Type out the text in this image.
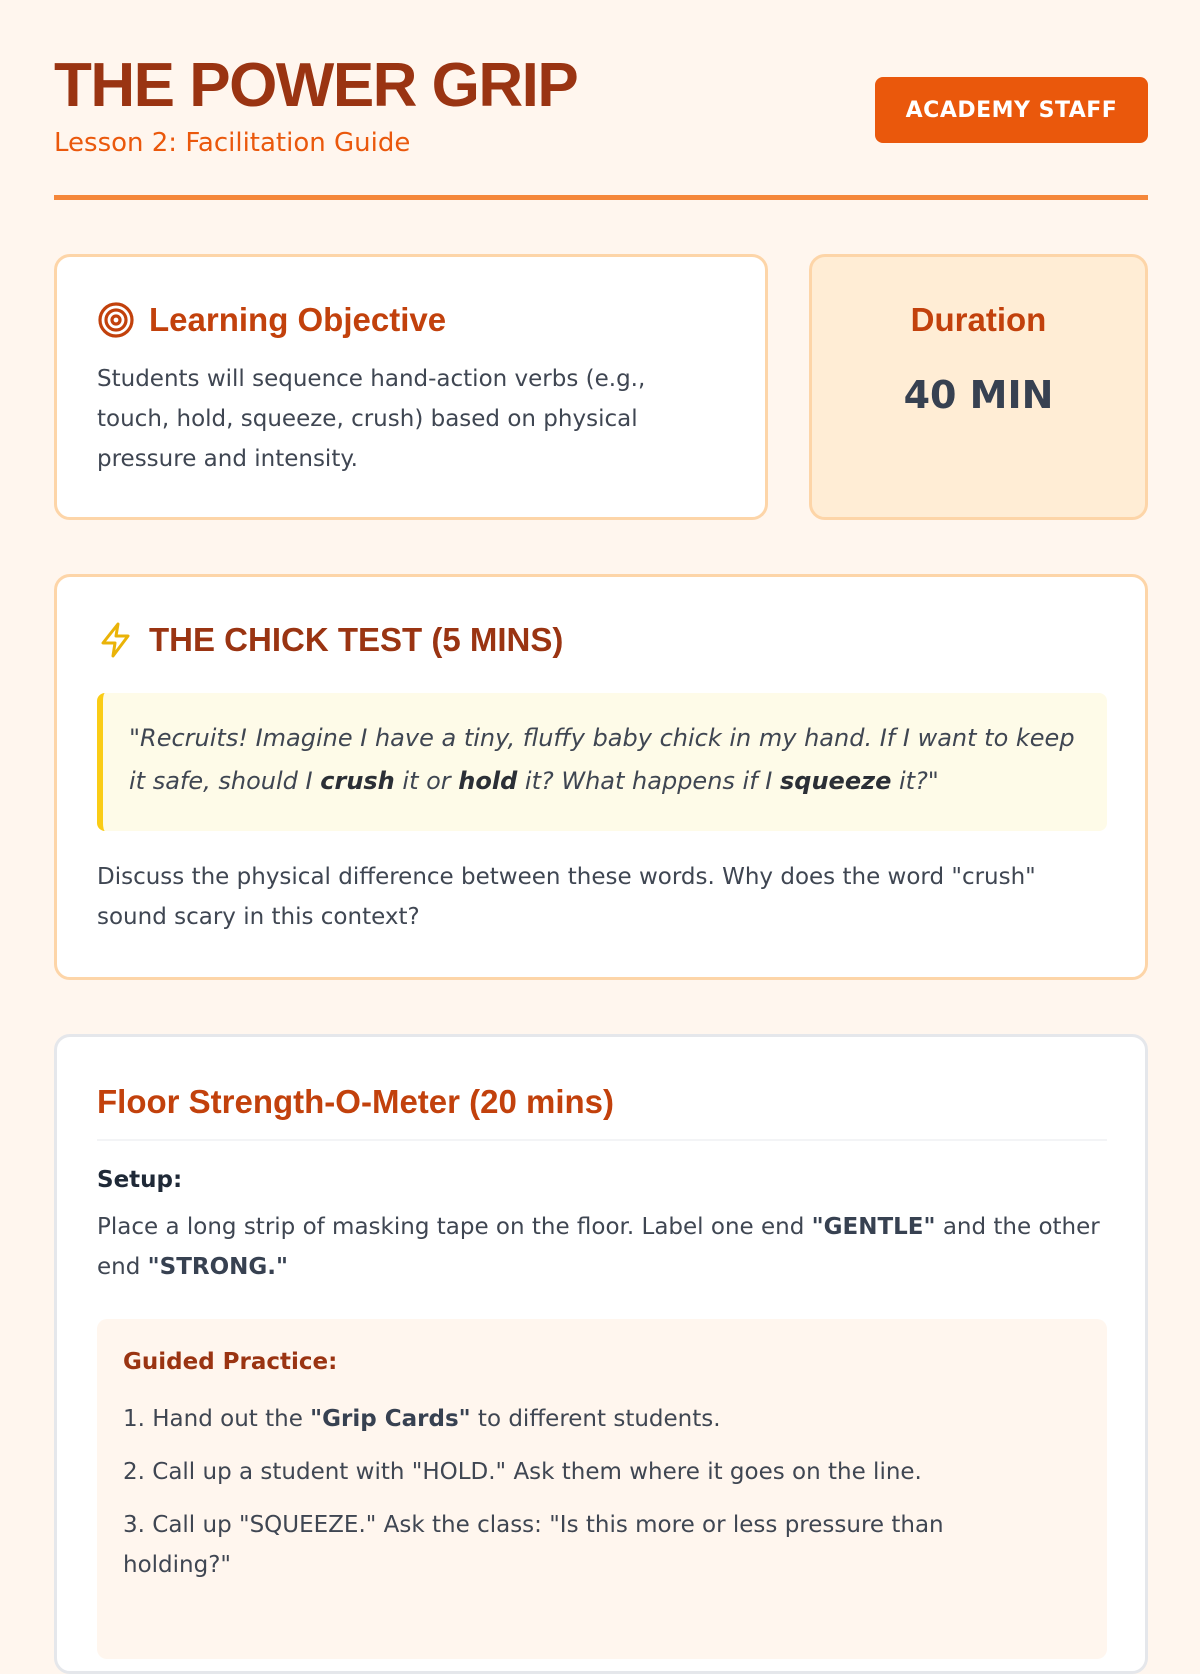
THE POWER GRIP
Lesson 2: Facilitation Guide
ACADEMY STAFF
Learning Objective

Students will sequence hand-action verbs (e.g., touch, hold, squeeze, crush) based on physical pressure and intensity.

Duration
40 MIN
THE CHICK TEST (5 MINS)
"Recruits! Imagine I have a tiny, fluffy baby chick in my hand. If I want to keep it safe, should I crush it or hold it? What happens if I squeeze it?"

Discuss the physical difference between these words. Why does the word "crush" sound scary in this context?

Floor Strength-O-Meter (20 mins)
Setup:

Place a long strip of masking tape on the floor. Label one end "GENTLE" and the other end "STRONG."

Guided Practice:
1. Hand out the "Grip Cards" to different students.
2. Call up a student with "HOLD." Ask them where it goes on the line.
3. Call up "SQUEEZE." Ask the class: "Is this more or less pressure than holding?"
